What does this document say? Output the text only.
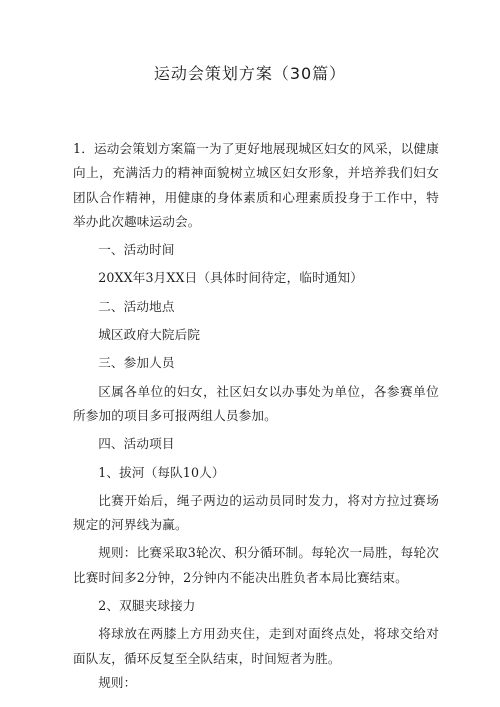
运动会策划方案（30篇）

1．运动会策划方案篇一为了更好地展现城区妇女的风采，以健康向上，充满活力的精神面貌树立城区妇女形象，并培养我们妇女团队合作精神，用健康的身体素质和心理素质投身于工作中，特举办此次趣味运动会。

一、活动时间

20XX年3月XX日（具体时间待定，临时通知）

二、活动地点

城区政府大院后院

三、参加人员

区属各单位的妇女，社区妇女以办事处为单位，各参赛单位所参加的项目多可报两组人员参加。

四、活动项目

1、拔河（每队10人）

比赛开始后，绳子两边的运动员同时发力，将对方拉过赛场规定的河界线为赢。

规则：比赛采取3轮次、积分循环制。每轮次一局胜，每轮次比赛时间多2分钟，2分钟内不能决出胜负者本局比赛结束。

2、双腿夹球接力

将球放在两膝上方用劲夹住，走到对面终点处，将球交给对面队友，循环反复至全队结束，时间短者为胜。

规则：
